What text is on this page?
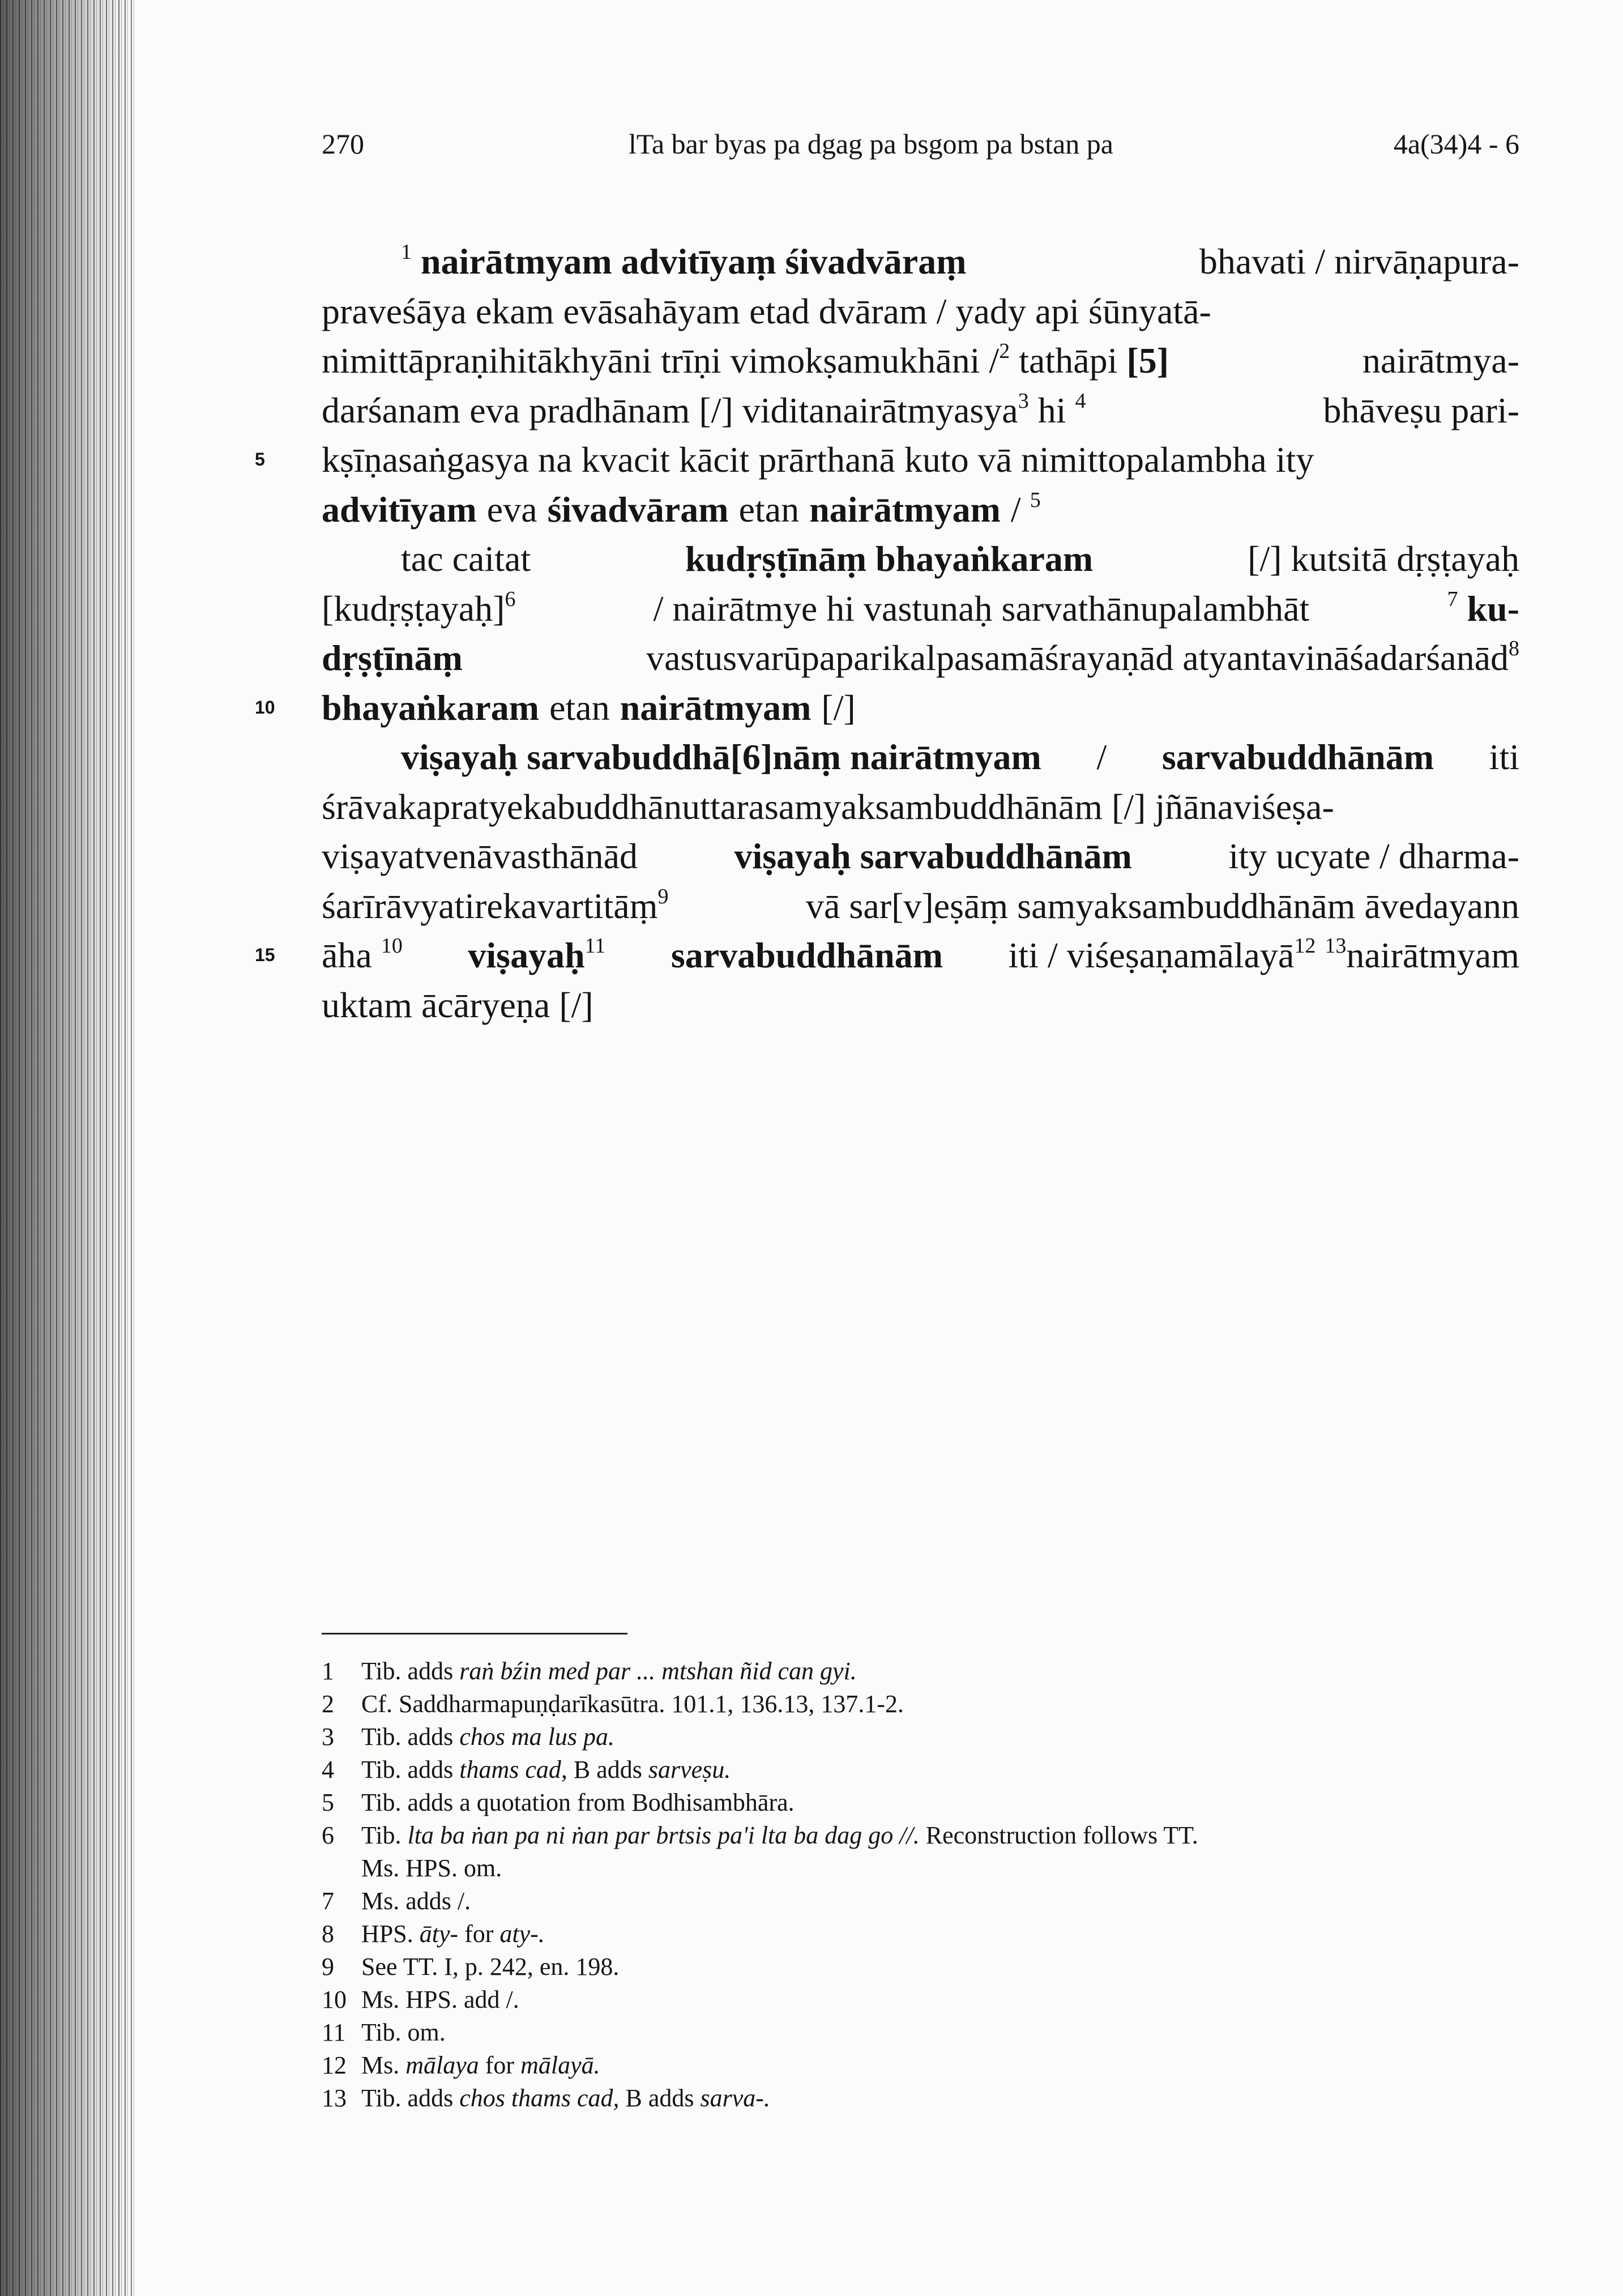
270	lTa bar byas pa dgag pa bsgom pa bstan pa	4a(34)4 - 6
$^1$ nairātmyam advitīyaṃ śivadvāraṃ	bhavati / nirvāṇapura-
praveśāya ekam evāsahāyam etad dvāram / yady api śūnyatā-
nimittāpraṇihitākhyāni trīṇi vimokṣamukhāni /$^2$ tathāpi [5]	nairātmya-
darśanam eva pradhānam [/] viditanairātmyasya$^3$ hi $^4$	bhāveṣu pari-
5 kṣīṇasaṅgasya na kvacit kācit prārthanā kuto vā nimittopalambha ity
advitīyam eva śivadvāram etan nairātmyam / $^5$
tac caitat	kudṛṣṭīnāṃ bhayaṅkaram	[/] kutsitā dṛṣṭayaḥ
[kudṛṣṭayaḥ]$^6$	/ nairātmye hi vastunaḥ sarvathānupalambhāt	$^7$ ku-
dṛṣṭīnāṃ	vastusvarūpaparikalpasamāśrayaṇād atyantavināśadarśanād$^8$
10 bhayaṅkaram etan nairātmyam [/]
viṣayaḥ sarvabuddhā[6]nāṃ nairātmyam / sarvabuddhānām iti
śrāvakapratyekabuddhānuttarasamyaksambuddhānām [/] jñānaviśeṣa-
viṣayatvenāvasthānād	viṣayaḥ sarvabuddhānām	ity ucyate / dharma-
śarīrāvyatirekavartitāṃ$^9$	vā sar[v]eṣāṃ samyaksambuddhānām āvedayann
15 āha $^{10}$ viṣayaḥ$^{11}$ sarvabuddhānām iti / viśeṣaṇamālayā$^{12}$ $^{13}$nairātmyam
uktam ācāryeṇa [/]
1	Tib. adds raṅ bźin med par ... mtshan ñid can gyi.
2	Cf. Saddharmapuṇḍarīkasūtra. 101.1, 136.13, 137.1-2.
3	Tib. adds chos ma lus pa.
4	Tib. adds thams cad, B adds sarveṣu.
5	Tib. adds a quotation from Bodhisambhāra.
6	Tib. lta ba ṅan pa ni ṅan par brtsis pa'i lta ba dag go //. Reconstruction follows TT.
Ms. HPS. om.
7	Ms. adds /.
8	HPS. āty- for aty-.
9	See TT. I, p. 242, en. 198.
10 Ms. HPS. add /.
11 Tib. om.
12 Ms. mālaya for mālayā.
13 Tib. adds chos thams cad, B adds sarva-.
